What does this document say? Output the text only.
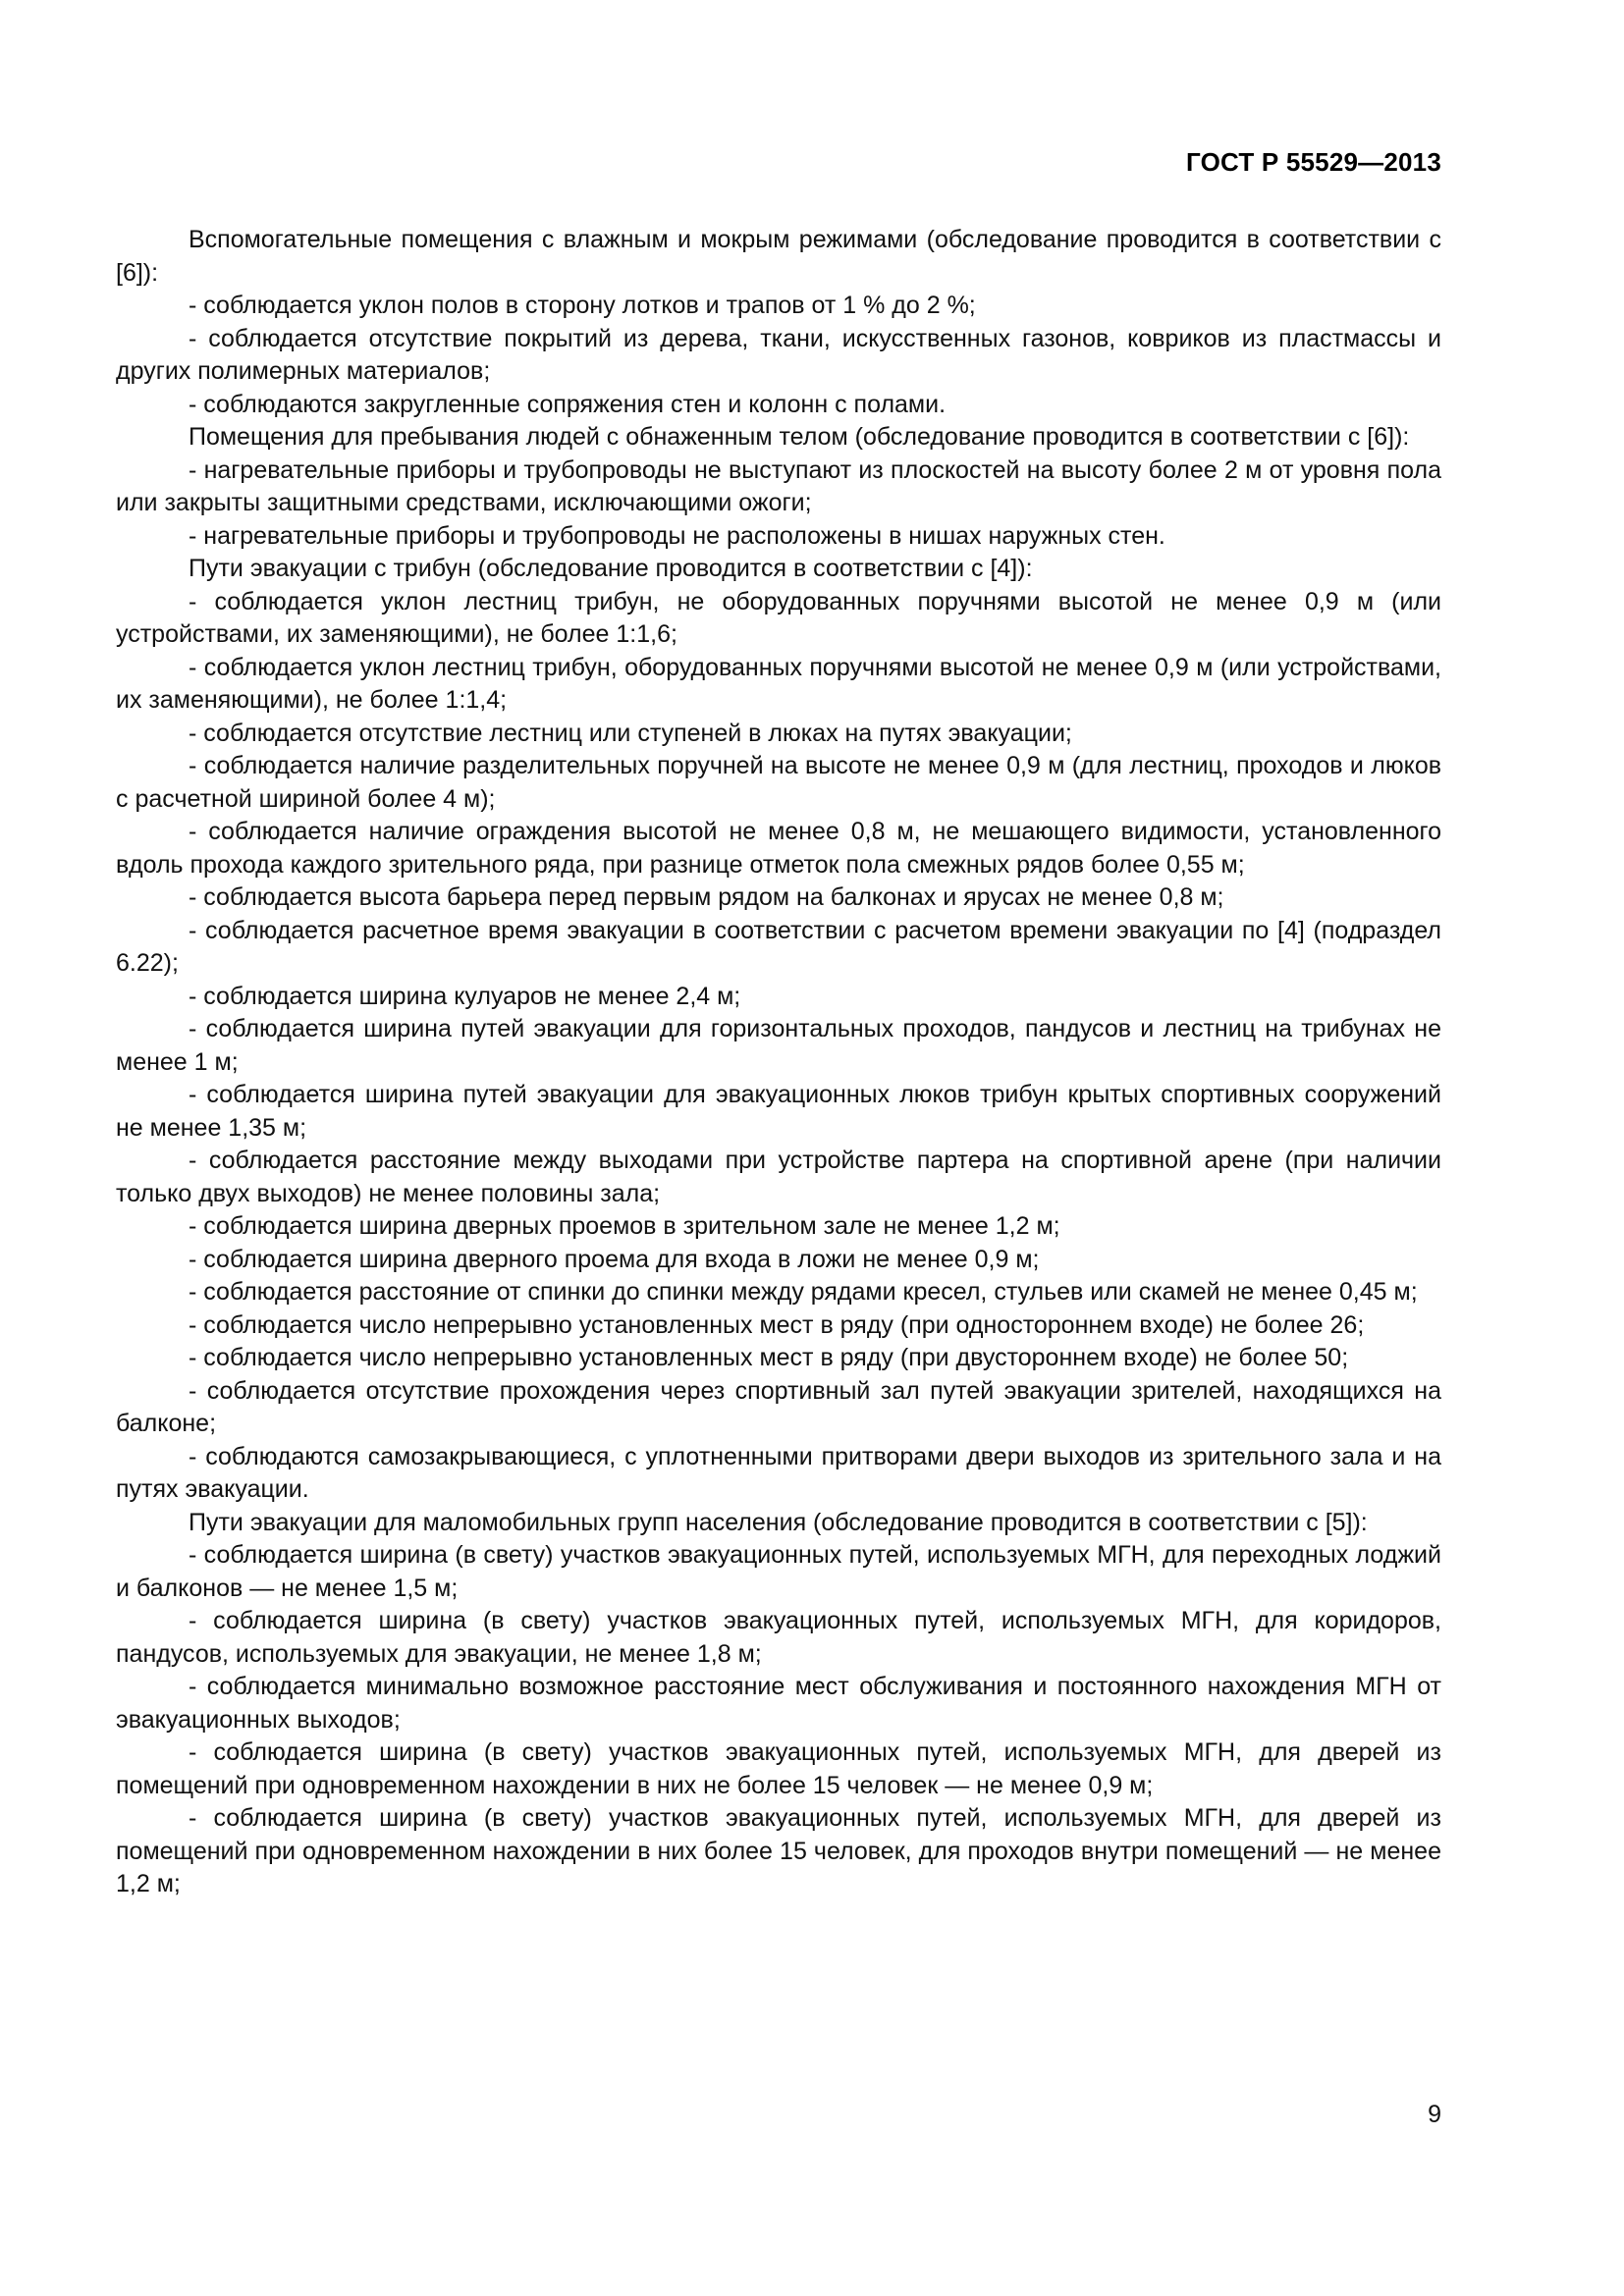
ГОСТ Р 55529—2013

Вспомогательные помещения с влажным и мокрым режимами (обследование проводится в соответствии с [6]):

- соблюдается уклон полов в сторону лотков и трапов от 1 % до 2 %;

- соблюдается отсутствие покрытий из дерева, ткани, искусственных газонов, ковриков из пластмассы и других полимерных материалов;

- соблюдаются закругленные сопряжения стен и колонн с полами.

Помещения для пребывания людей с обнаженным телом (обследование проводится в соответствии с [6]):

- нагревательные приборы и трубопроводы не выступают из плоскостей на высоту более 2 м от уровня пола или закрыты защитными средствами, исключающими ожоги;

- нагревательные приборы и трубопроводы не расположены в нишах наружных стен.

Пути эвакуации с трибун (обследование проводится в соответствии с [4]):

- соблюдается уклон лестниц трибун, не оборудованных поручнями высотой не менее 0,9 м (или устройствами, их заменяющими), не более 1:1,6;

- соблюдается уклон лестниц трибун, оборудованных поручнями высотой не менее 0,9 м (или устройствами, их заменяющими), не более 1:1,4;

- соблюдается отсутствие лестниц или ступеней в люках на путях эвакуации;

- соблюдается наличие разделительных поручней на высоте не менее 0,9 м (для лестниц, проходов и люков с расчетной шириной более 4 м);

- соблюдается наличие ограждения высотой не менее 0,8 м, не мешающего видимости, установленного вдоль прохода каждого зрительного ряда, при разнице отметок пола смежных рядов более 0,55 м;

- соблюдается высота барьера перед первым рядом на балконах и ярусах не менее 0,8 м;

- соблюдается расчетное время эвакуации в соответствии с расчетом времени эвакуации по [4] (подраздел 6.22);

- соблюдается ширина кулуаров не менее 2,4 м;

- соблюдается ширина путей эвакуации для горизонтальных проходов, пандусов и лестниц на трибунах не менее 1 м;

- соблюдается ширина путей эвакуации для эвакуационных люков трибун крытых спортивных сооружений не менее 1,35 м;

- соблюдается расстояние между выходами при устройстве партера на спортивной арене (при наличии только двух выходов) не менее половины зала;

- соблюдается ширина дверных проемов в зрительном зале не менее 1,2 м;

- соблюдается ширина дверного проема для входа в ложи не менее 0,9 м;

- соблюдается расстояние от спинки до спинки между рядами кресел, стульев или скамей не менее 0,45 м;

- соблюдается число непрерывно установленных мест в ряду (при одностороннем входе) не более 26;

- соблюдается число непрерывно установленных мест в ряду (при двустороннем входе) не более 50;

- соблюдается отсутствие прохождения через спортивный зал путей эвакуации зрителей, находящихся на балконе;

- соблюдаются самозакрывающиеся, с уплотненными притворами двери выходов из зрительного зала и на путях эвакуации.

Пути эвакуации для маломобильных групп населения (обследование проводится в соответствии с [5]):

- соблюдается ширина (в свету) участков эвакуационных путей, используемых МГН, для переходных лоджий и балконов — не менее 1,5 м;

- соблюдается ширина (в свету) участков эвакуационных путей, используемых МГН, для коридоров, пандусов, используемых для эвакуации, не менее 1,8 м;

- соблюдается минимально возможное расстояние мест обслуживания и постоянного нахождения МГН от эвакуационных выходов;

- соблюдается ширина (в свету) участков эвакуационных путей, используемых МГН, для дверей из помещений при одновременном нахождении в них не более 15 человек — не менее 0,9 м;

- соблюдается ширина (в свету) участков эвакуационных путей, используемых МГН, для дверей из помещений при одновременном нахождении в них более 15 человек, для проходов внутри помещений — не менее 1,2 м;

9
